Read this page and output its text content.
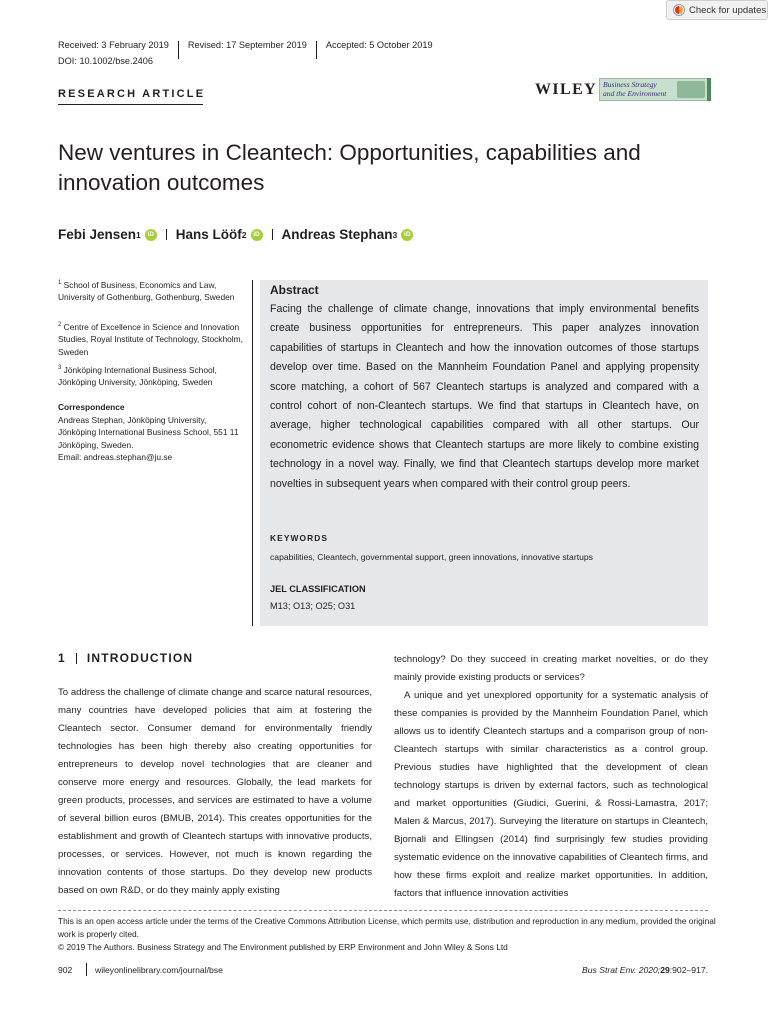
Check for updates
Received: 3 February 2019 Revised: 17 September 2019 Accepted: 5 October 2019
DOI: 10.1002/bse.2406
RESEARCH ARTICLE	WILEY Business Strategy
and the Environment
New ventures in Cleantech: Opportunities, capabilities and innovation outcomes
Febi Jensen 1	iD Hans Lööf 2	iD Andreas Stephan 3	iD
$^1$ School of Business, Economics and Law, University of Gothenburg, Gothenburg, Sweden
$^2$ Centre of Excellence in Science and Innovation Studies, Royal Institute of Technology, Stockholm, Sweden
$^3$ Jönköping International Business School, Jönköping University, Jönköping, Sweden
Correspondence
Andreas Stephan, Jönköping University, Jönköping International Business School, 551 11 Jönköping, Sweden.
Email: andreas.stephan@ju.se
Abstract
Facing the challenge of climate change, innovations that imply environmental benefits create business opportunities for entrepreneurs. This paper analyzes innovation capabilities of startups in Cleantech and how the innovation outcomes of those startups develop over time. Based on the Mannheim Foundation Panel and applying propensity score matching, a cohort of 567 Cleantech startups is analyzed and compared with a control cohort of non-Cleantech startups. We find that startups in Cleantech have, on average, higher technological capabilities compared with all other startups. Our econometric evidence shows that Cleantech startups are more likely to combine existing technology in a novel way. Finally, we find that Cleantech startups develop more market novelties in subsequent years when compared with their control group peers.
KEYWORDS
capabilities, Cleantech, governmental support, green innovations, innovative startups
JEL CLASSIFICATION
M13; O13; O25; O31
1 INTRODUCTION

To address the challenge of climate change and scarce natural resources, many countries have developed policies that aim at fostering the Cleantech sector. Consumer demand for environmentally friendly technologies has been high thereby also creating opportunities for entrepreneurs to develop novel technologies that are cleaner and conserve more energy and resources. Globally, the lead markets for green products, processes, and services are estimated to have a volume of several billion euros (BMUB, 2014). This creates opportunities for the establishment and growth of Cleantech startups with innovative products, processes, or services. However, not much is known regarding the innovation contents of those startups. Do they develop new products based on own R&D, or do they mainly apply existing

technology? Do they succeed in creating market novelties, or do they mainly provide existing products or services?

A unique and yet unexplored opportunity for a systematic analysis of these companies is provided by the Mannheim Foundation Panel, which allows us to identify Cleantech startups and a comparison group of non-Cleantech startups with similar characteristics as a control group. Previous studies have highlighted that the development of clean technology startups is driven by external factors, such as technological and market opportunities (Giudici, Guerini, & Rossi-Lamastra, 2017; Malen & Marcus, 2017). Surveying the literature on startups in Cleantech, Bjornali and Ellingsen (2014) find surprisingly few studies providing systematic evidence on the innovative capabilities of Cleantech firms, and how these firms exploit and realize market opportunities. In addition, factors that influence innovation activities

This is an open access article under the terms of the Creative Commons Attribution License, which permits use, distribution and reproduction in any medium, provided the original work is properly cited.
© 2019 The Authors. Business Strategy and The Environment published by ERP Environment and John Wiley & Sons Ltd
902	wileyonlinelibrary.com/journal/bse	Bus Strat Env. 2020;29:902–917.
